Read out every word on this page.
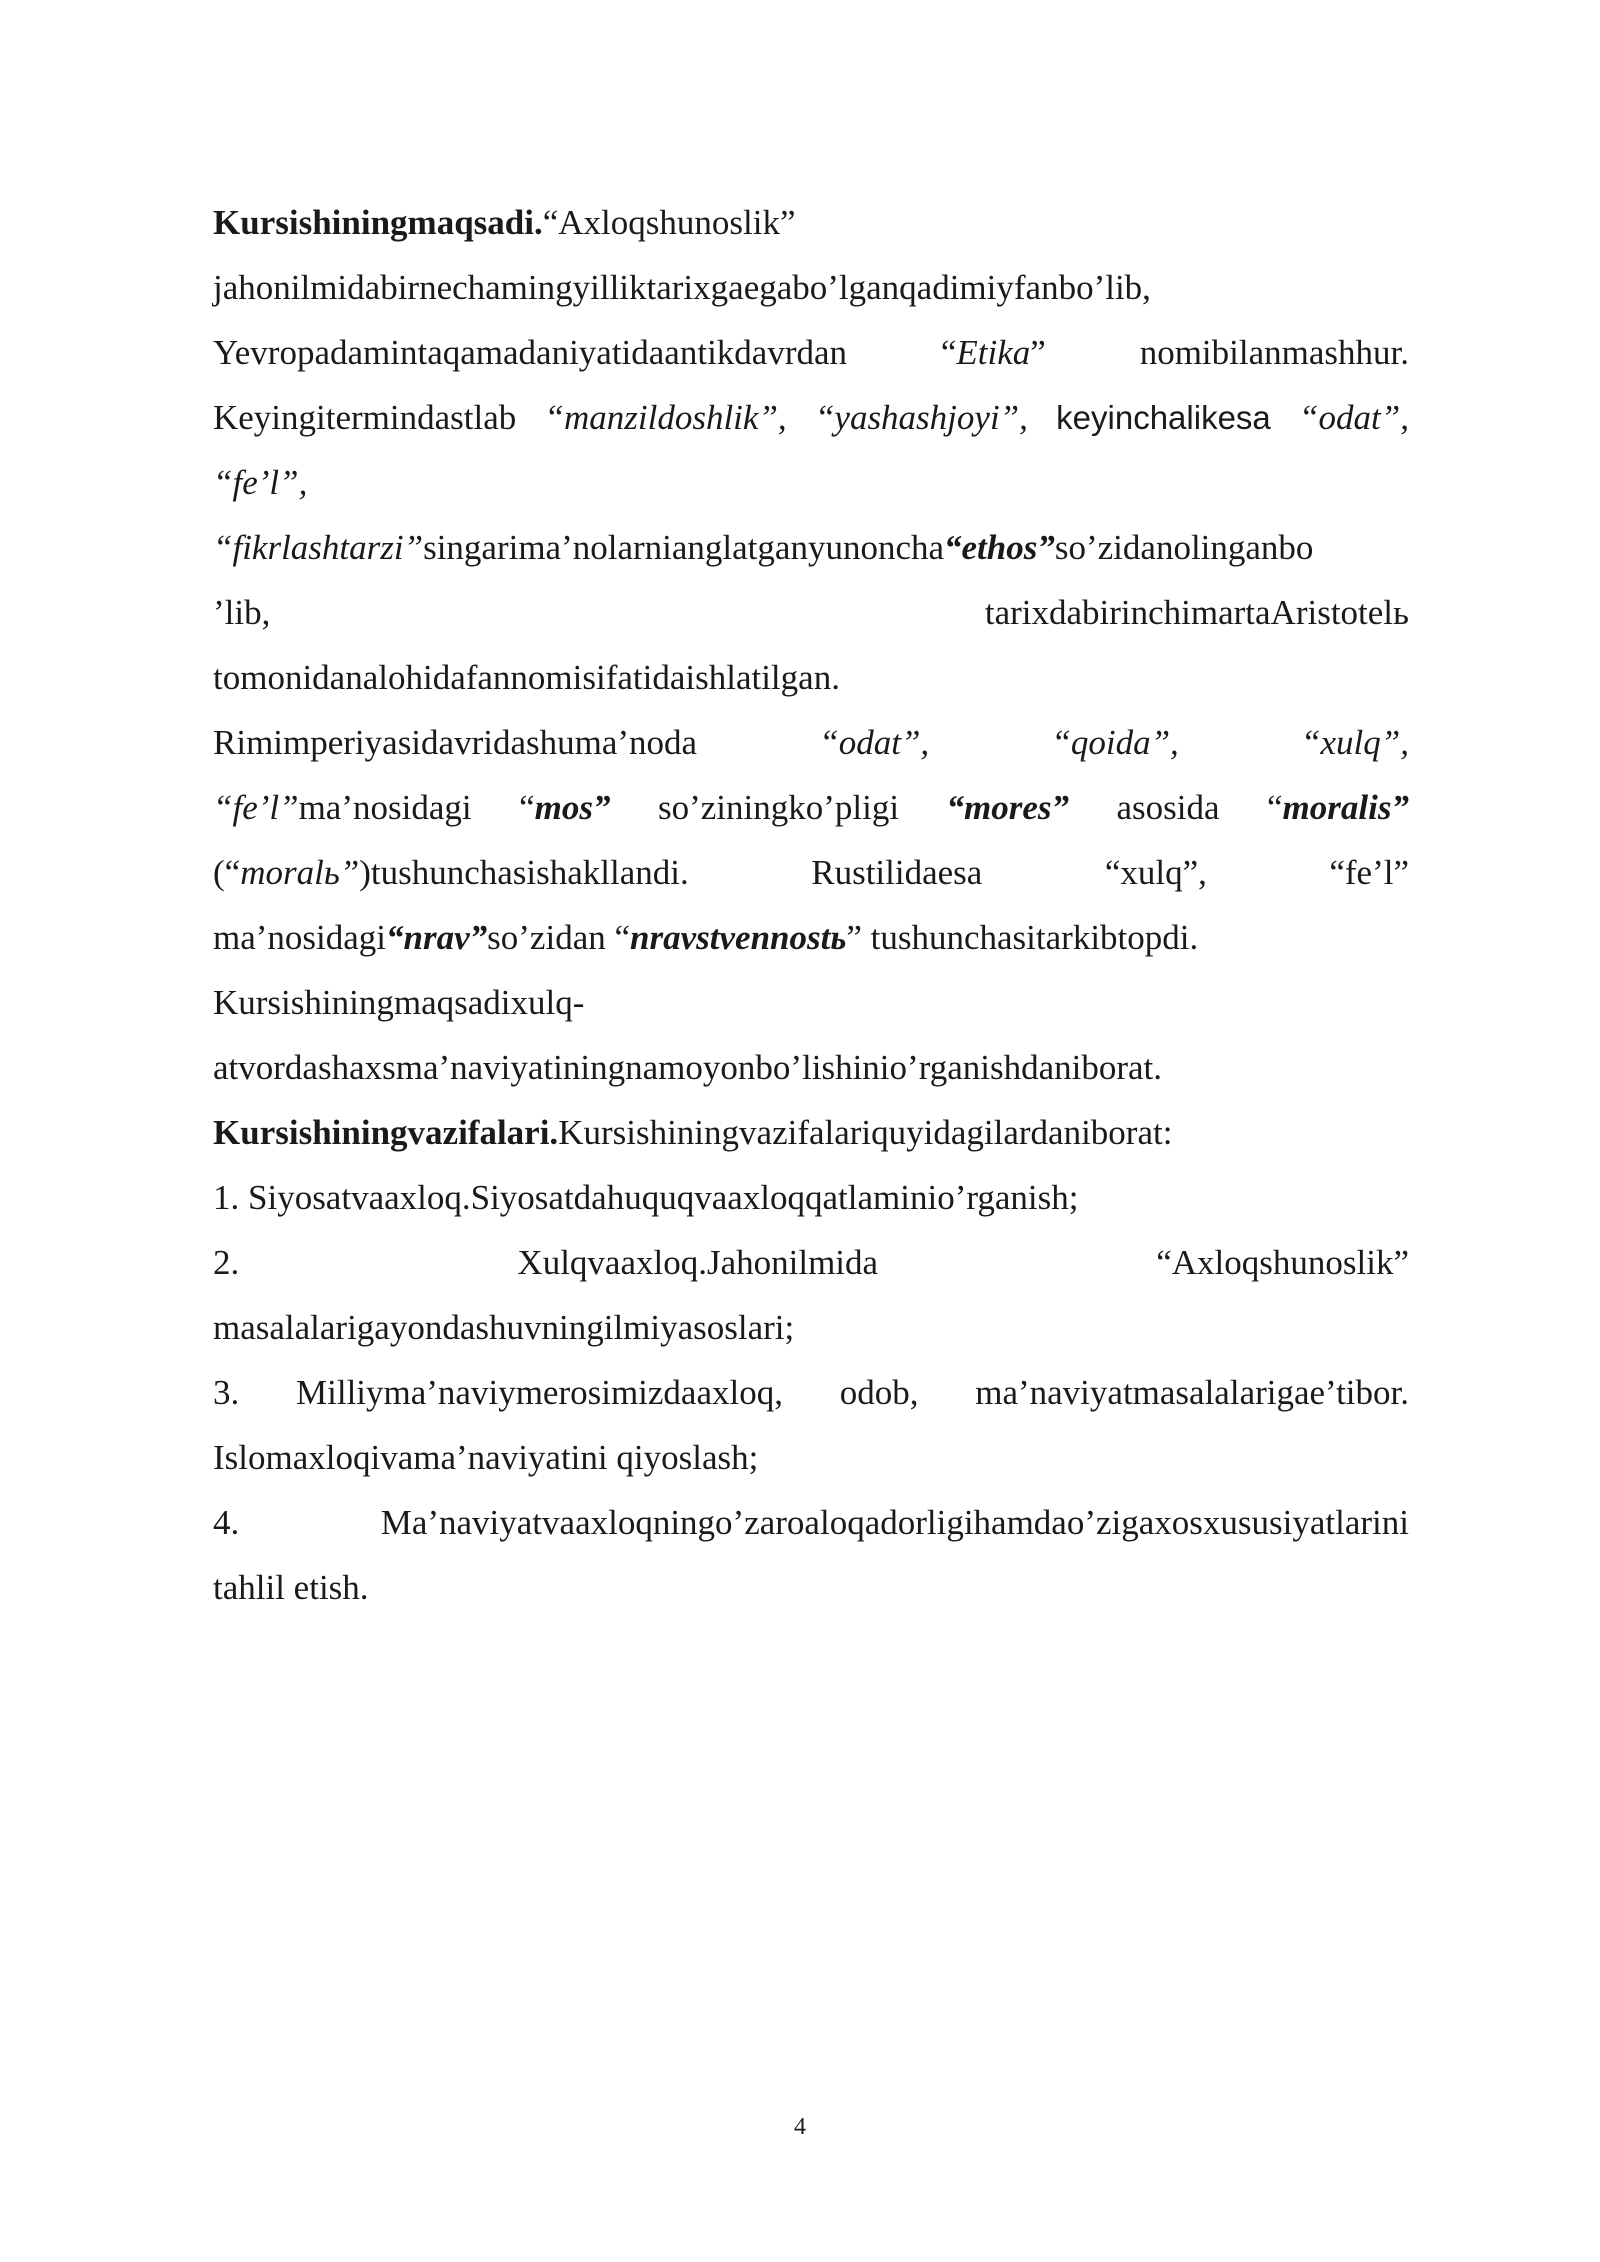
Kursishiningmaqsadi.“Axloqshunoslik”
jahonilmidabirnechamingyilliktarixgaegabo’lganqadimiyfanbo’lib,
Yevropadamintaqamadaniyatidaantikdavrdan	“Etika”	nomibilanmashhur.
Keyingitermindastlab “manzildoshlik”, “yashashjoyi”, keyinchalikesa “odat”,
“fe’l”,
“fikrlashtarzi”singarima’nolarnianglatganyunoncha“ethos”so’zidanolinganbo
’lib,	tarixdabirinchimartaAristotelь
tomonidanalohidafannomisifatidaishlatilgan.
Rimimperiyasidavridashuma’noda	“odat”,	“qoida”,	“xulq”,
“fe’l”ma’nosidagi “mos” so’ziningko’pligi “mores” asosida “moralis”
(“moralь”)tushunchasishakllandi.	Rustilidaesa	“xulq”,	“fe’l”
ma’nosidagi“nrav”so’zidan “nravstvennostь” tushunchasitarkibtopdi.
Kursishiningmaqsadixulq-
atvordashaxsma’naviyatiningnamoyonbo’lishinio’rganishdaniborat.
Kursishiningvazifalari.Kursishiningvazifalariquyidagilardaniborat:
1. Siyosatvaaxloq.Siyosatdahuquqvaaxloqqatlaminio’rganish;
2.	Xulqvaaxloq.Jahonilmida	“Axloqshunoslik”
masalalarigayondashuvningilmiyasoslari;
3. Milliyma’naviymerosimizdaaxloq, odob, ma’naviyatmasalalarigae’tibor.
Islomaxloqivama’naviyatini qiyoslash;
4.	Ma’naviyatvaaxloqningo’zaroaloqadorligihamdao’zigaxosxususiyatlarini
tahlil etish.
4
